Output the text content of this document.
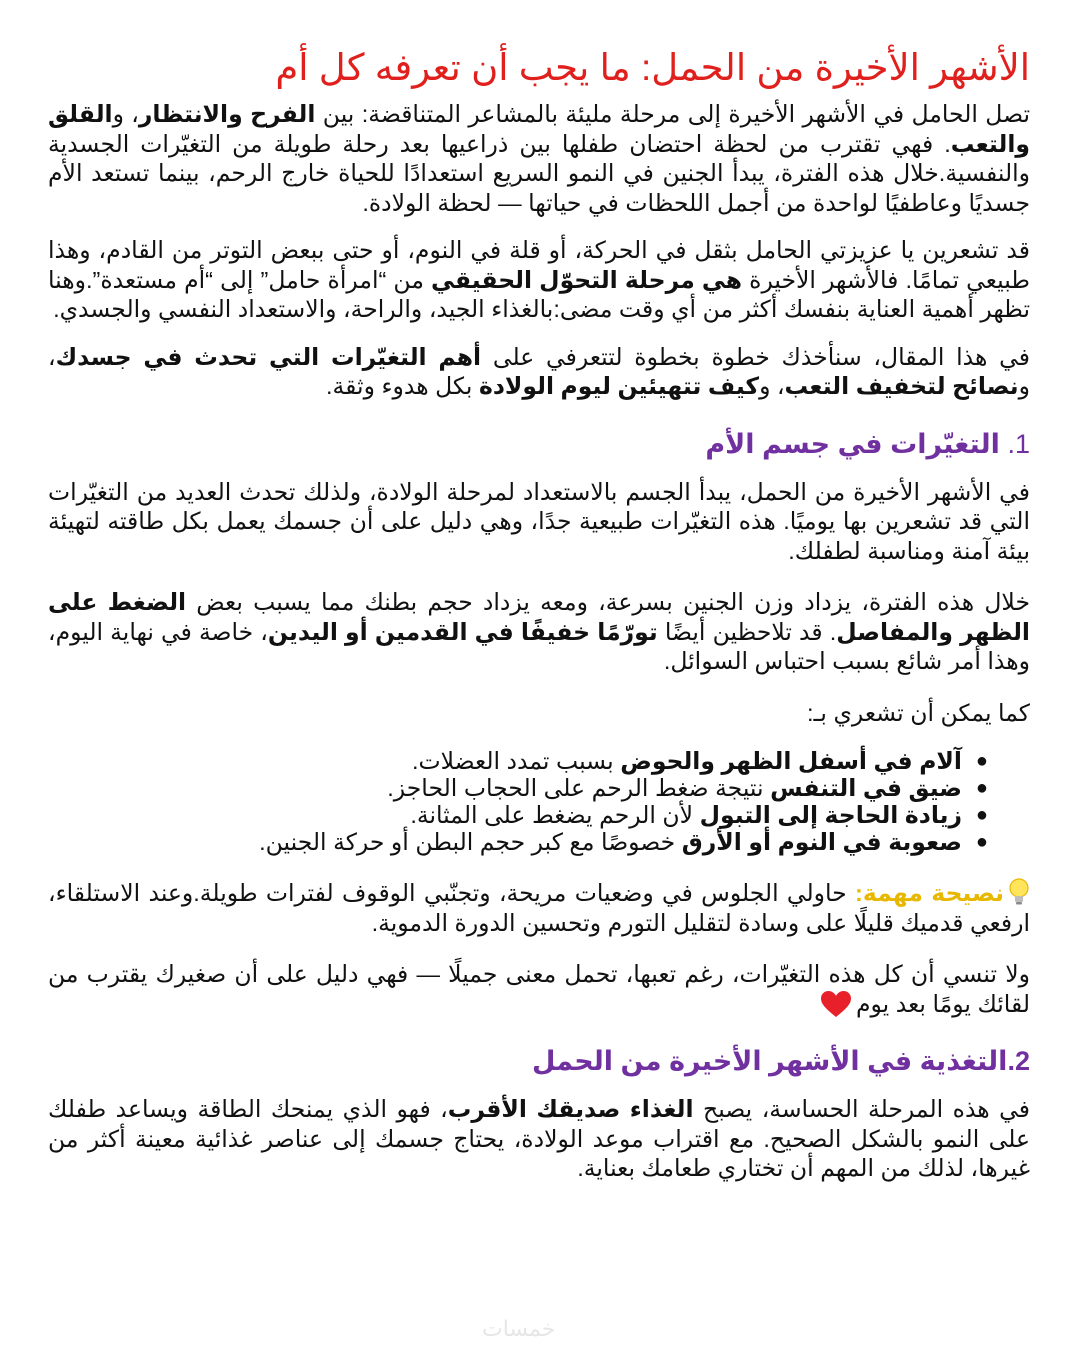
الأشهر الأخيرة من الحمل: ما يجب أن تعرفه كل أم

تصل الحامل في الأشهر الأخيرة إلى مرحلة مليئة بالمشاعر المتناقضة: بين الفرح والانتظار، والقلق والتعب. فهي تقترب من لحظة احتضان طفلها بين ذراعيها بعد رحلة طويلة من التغيّرات الجسدية والنفسية.خلال هذه الفترة، يبدأ الجنين في النمو السريع استعدادًا للحياة خارج الرحم، بينما تستعد الأم جسديًا وعاطفيًا لواحدة من أجمل اللحظات في حياتها — لحظة الولادة.

قد تشعرين يا عزيزتي الحامل بثقل في الحركة، أو قلة في النوم، أو حتى ببعض التوتر من القادم، وهذا طبيعي تمامًا. فالأشهر الأخيرة هي مرحلة التحوّل الحقيقي من “امرأة حامل” إلى “أم مستعدة”.وهنا تظهر أهمية العناية بنفسك أكثر من أي وقت مضى:بالغذاء الجيد، والراحة، والاستعداد النفسي والجسدي.

في هذا المقال، سنأخذك خطوة بخطوة لتتعرفي على أهم التغيّرات التي تحدث في جسدك، ونصائح لتخفيف التعب، وكيف تتهيئين ليوم الولادة بكل هدوء وثقة.

1. التغيّرات في جسم الأم

في الأشهر الأخيرة من الحمل، يبدأ الجسم بالاستعداد لمرحلة الولادة، ولذلك تحدث العديد من التغيّرات التي قد تشعرين بها يوميًا. هذه التغيّرات طبيعية جدًا، وهي دليل على أن جسمك يعمل بكل طاقته لتهيئة بيئة آمنة ومناسبة لطفلك.

خلال هذه الفترة، يزداد وزن الجنين بسرعة، ومعه يزداد حجم بطنك مما يسبب بعض الضغط على الظهر والمفاصل. قد تلاحظين أيضًا تورّمًا خفيفًا في القدمين أو اليدين، خاصة في نهاية اليوم، وهذا أمر شائع بسبب احتباس السوائل.

كما يمكن أن تشعري بـ:

●
آلام في أسفل الظهر والحوض بسبب تمدد العضلات.
●
ضيق في التنفس نتيجة ضغط الرحم على الحجاب الحاجز.
●
زيادة الحاجة إلى التبول لأن الرحم يضغط على المثانة.
●
صعوبة في النوم أو الأرق خصوصًا مع كبر حجم البطن أو حركة الجنين.

نصيحة مهمة: حاولي الجلوس في وضعيات مريحة، وتجنّبي الوقوف لفترات طويلة.وعند الاستلقاء، ارفعي قدميك قليلًا على وسادة لتقليل التورم وتحسين الدورة الدموية.

ولا تنسي أن كل هذه التغيّرات، رغم تعبها، تحمل معنى جميلًا — فهي دليل على أن صغيرك يقترب من لقائك يومًا بعد يوم

2.التغذية في الأشهر الأخيرة من الحمل

في هذه المرحلة الحساسة، يصبح الغذاء صديقك الأقرب، فهو الذي يمنحك الطاقة ويساعد طفلك على النمو بالشكل الصحيح. مع اقتراب موعد الولادة، يحتاج جسمك إلى عناصر غذائية معينة أكثر من غيرها، لذلك من المهم أن تختاري طعامك بعناية.

خمسات
